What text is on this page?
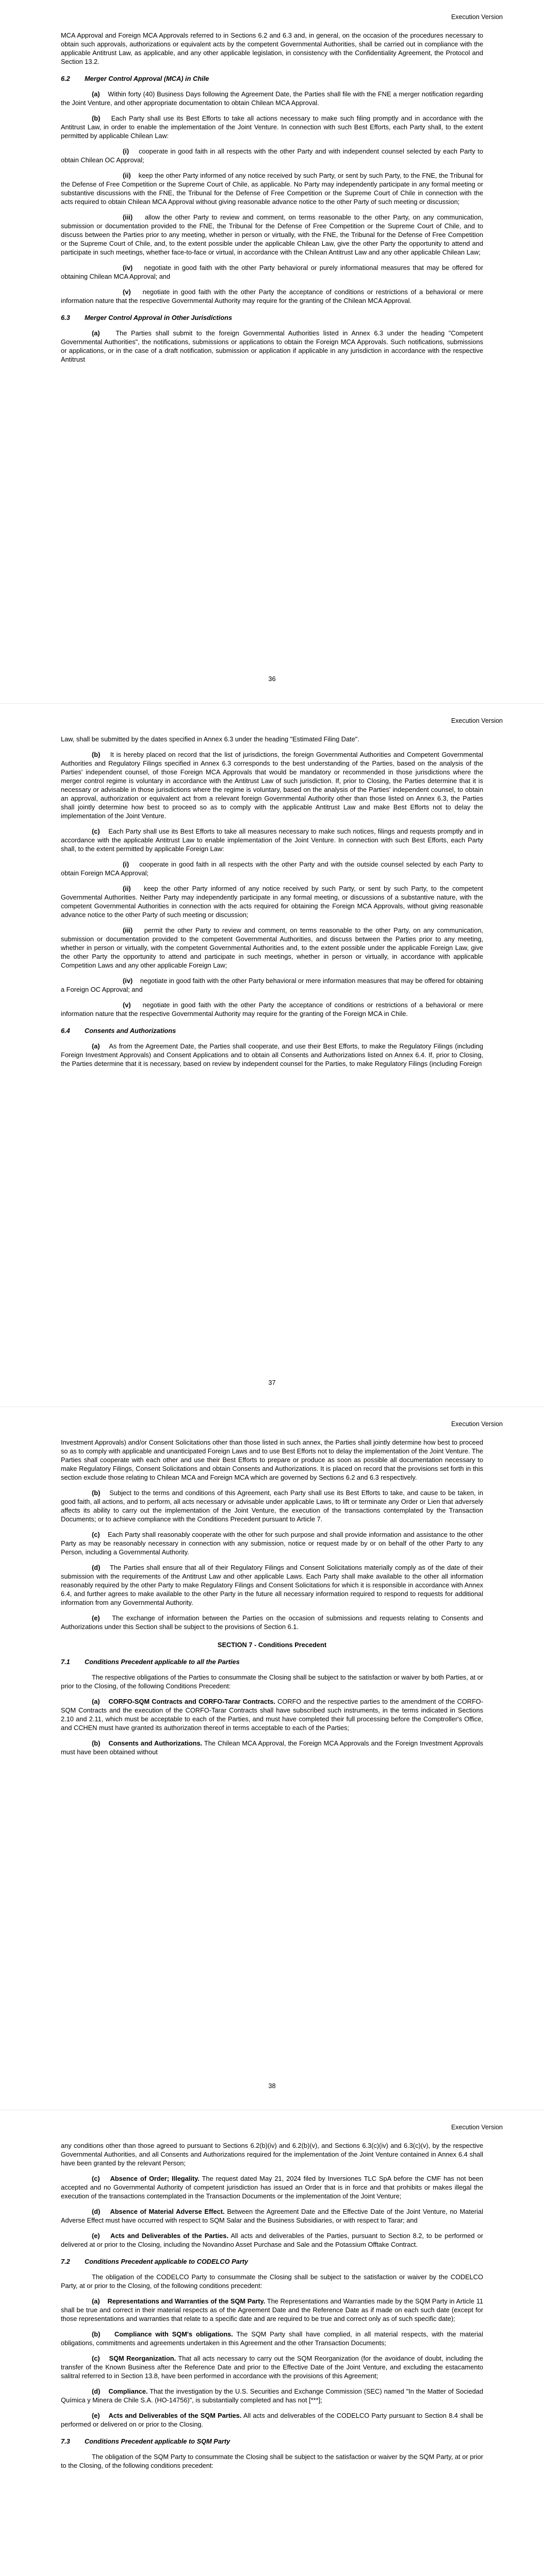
Execution Version

MCA Approval and Foreign MCA Approvals referred to in Sections 6.2 and 6.3 and, in general, on the occasion of the procedures necessary to obtain such approvals, authorizations or equivalent acts by the competent Governmental Authorities, shall be carried out in compliance with the applicable Antitrust Law, as applicable, and any other applicable legislation, in consistency with the Confidentiality Agreement, the Protocol and Section 13.2.

6.2 Merger Control Approval (MCA) in Chile

(a) Within forty (40) Business Days following the Agreement Date, the Parties shall file with the FNE a merger notification regarding the Joint Venture, and other appropriate documentation to obtain Chilean MCA Approval.

(b) Each Party shall use its Best Efforts to take all actions necessary to make such filing promptly and in accordance with the Antitrust Law, in order to enable the implementation of the Joint Venture. In connection with such Best Efforts, each Party shall, to the extent permitted by applicable Chilean Law:

(i) cooperate in good faith in all respects with the other Party and with independent counsel selected by each Party to obtain Chilean OC Approval;

(ii) keep the other Party informed of any notice received by such Party, or sent by such Party, to the FNE, the Tribunal for the Defense of Free Competition or the Supreme Court of Chile, as applicable. No Party may independently participate in any formal meeting or substantive discussions with the FNE, the Tribunal for the Defense of Free Competition or the Supreme Court of Chile in connection with the acts required to obtain Chilean MCA Approval without giving reasonable advance notice to the other Party of such meeting or discussion;

(iii) allow the other Party to review and comment, on terms reasonable to the other Party, on any communication, submission or documentation provided to the FNE, the Tribunal for the Defense of Free Competition or the Supreme Court of Chile, and to discuss between the Parties prior to any meeting, whether in person or virtually, with the FNE, the Tribunal for the Defense of Free Competition or the Supreme Court of Chile, and, to the extent possible under the applicable Chilean Law, give the other Party the opportunity to attend and participate in such meetings, whether face-to-face or virtual, in accordance with the Chilean Antitrust Law and any other applicable Chilean Law;

(iv) negotiate in good faith with the other Party behavioral or purely informational measures that may be offered for obtaining Chilean MCA Approval; and

(v) negotiate in good faith with the other Party the acceptance of conditions or restrictions of a behavioral or mere information nature that the respective Governmental Authority may require for the granting of the Chilean MCA Approval.

6.3 Merger Control Approval in Other Jurisdictions

(a) The Parties shall submit to the foreign Governmental Authorities listed in Annex 6.3 under the heading "Competent Governmental Authorities", the notifications, submissions or applications to obtain the Foreign MCA Approvals. Such notifications, submissions or applications, or in the case of a draft notification, submission or application if applicable in any jurisdiction in accordance with the respective Antitrust

36
Execution Version

Law, shall be submitted by the dates specified in Annex 6.3 under the heading "Estimated Filing Date".

(b) It is hereby placed on record that the list of jurisdictions, the foreign Governmental Authorities and Competent Governmental Authorities and Regulatory Filings specified in Annex 6.3 corresponds to the best understanding of the Parties, based on the analysis of the Parties' independent counsel, of those Foreign MCA Approvals that would be mandatory or recommended in those jurisdictions where the merger control regime is voluntary in accordance with the Antitrust Law of such jurisdiction. If, prior to Closing, the Parties determine that it is necessary or advisable in those jurisdictions where the regime is voluntary, based on the analysis of the Parties' independent counsel, to obtain an approval, authorization or equivalent act from a relevant foreign Governmental Authority other than those listed on Annex 6.3, the Parties shall jointly determine how best to proceed so as to comply with the applicable Antitrust Law and make Best Efforts not to delay the implementation of the Joint Venture.

(c) Each Party shall use its Best Efforts to take all measures necessary to make such notices, filings and requests promptly and in accordance with the applicable Antitrust Law to enable implementation of the Joint Venture. In connection with such Best Efforts, each Party shall, to the extent permitted by applicable Foreign Law:

(i) cooperate in good faith in all respects with the other Party and with the outside counsel selected by each Party to obtain Foreign MCA Approval;

(ii) keep the other Party informed of any notice received by such Party, or sent by such Party, to the competent Governmental Authorities. Neither Party may independently participate in any formal meeting, or discussions of a substantive nature, with the competent Governmental Authorities in connection with the acts required for obtaining the Foreign MCA Approvals, without giving reasonable advance notice to the other Party of such meeting or discussion;

(iii) permit the other Party to review and comment, on terms reasonable to the other Party, on any communication, submission or documentation provided to the competent Governmental Authorities, and discuss between the Parties prior to any meeting, whether in person or virtually, with the competent Governmental Authorities and, to the extent possible under the applicable Foreign Law, give the other Party the opportunity to attend and participate in such meetings, whether in person or virtually, in accordance with applicable Competition Laws and any other applicable Foreign Law;

(iv) negotiate in good faith with the other Party behavioral or mere information measures that may be offered for obtaining a Foreign OC Approval; and

(v) negotiate in good faith with the other Party the acceptance of conditions or restrictions of a behavioral or mere information nature that the respective Governmental Authority may require for the granting of the Foreign MCA in Chile.

6.4 Consents and Authorizations

(a) As from the Agreement Date, the Parties shall cooperate, and use their Best Efforts, to make the Regulatory Filings (including Foreign Investment Approvals) and Consent Applications and to obtain all Consents and Authorizations listed on Annex 6.4. If, prior to Closing, the Parties determine that it is necessary, based on review by independent counsel for the Parties, to make Regulatory Filings (including Foreign

37
Execution Version

Investment Approvals) and/or Consent Solicitations other than those listed in such annex, the Parties shall jointly determine how best to proceed so as to comply with applicable and unanticipated Foreign Laws and to use Best Efforts not to delay the implementation of the Joint Venture. The Parties shall cooperate with each other and use their Best Efforts to prepare or produce as soon as possible all documentation necessary to make Regulatory Filings, Consent Solicitations and obtain Consents and Authorizations. It is placed on record that the provisions set forth in this section exclude those relating to Chilean MCA and Foreign MCA which are governed by Sections 6.2 and 6.3 respectively.

(b) Subject to the terms and conditions of this Agreement, each Party shall use its Best Efforts to take, and cause to be taken, in good faith, all actions, and to perform, all acts necessary or advisable under applicable Laws, to lift or terminate any Order or Lien that adversely affects its ability to carry out the implementation of the Joint Venture, the execution of the transactions contemplated by the Transaction Documents; or to achieve compliance with the Conditions Precedent pursuant to Article 7.

(c) Each Party shall reasonably cooperate with the other for such purpose and shall provide information and assistance to the other Party as may be reasonably necessary in connection with any submission, notice or request made by or on behalf of the other Party to any Person, including a Governmental Authority.

(d) The Parties shall ensure that all of their Regulatory Filings and Consent Solicitations materially comply as of the date of their submission with the requirements of the Antitrust Law and other applicable Laws. Each Party shall make available to the other all information reasonably required by the other Party to make Regulatory Filings and Consent Solicitations for which it is responsible in accordance with Annex 6.4, and further agrees to make available to the other Party in the future all necessary information required to respond to requests for additional information from any Governmental Authority.

(e) The exchange of information between the Parties on the occasion of submissions and requests relating to Consents and Authorizations under this Section shall be subject to the provisions of Section 6.1.

SECTION 7 - Conditions Precedent

7.1 Conditions Precedent applicable to all the Parties

The respective obligations of the Parties to consummate the Closing shall be subject to the satisfaction or waiver by both Parties, at or prior to the Closing, of the following Conditions Precedent:

(a) CORFO-SQM Contracts and CORFO-Tarar Contracts. CORFO and the respective parties to the amendment of the CORFO-SQM Contracts and the execution of the CORFO-Tarar Contracts shall have subscribed such instruments, in the terms indicated in Sections 2.10 and 2.11, which must be acceptable to each of the Parties, and must have completed their full processing before the Comptroller's Office, and CCHEN must have granted its authorization thereof in terms acceptable to each of the Parties;

(b) Consents and Authorizations. The Chilean MCA Approval, the Foreign MCA Approvals and the Foreign Investment Approvals must have been obtained without

38
Execution Version

any conditions other than those agreed to pursuant to Sections 6.2(b)(iv) and 6.2(b)(v), and Sections 6.3(c)(iv) and 6.3(c)(v), by the respective Governmental Authorities, and all Consents and Authorizations required for the implementation of the Joint Venture contained in Annex 6.4 shall have been granted by the relevant Person;

(c) Absence of Order; Illegality. The request dated May 21, 2024 filed by Inversiones TLC SpA before the CMF has not been accepted and no Governmental Authority of competent jurisdiction has issued an Order that is in force and that prohibits or makes illegal the execution of the transactions contemplated in the Transaction Documents or the implementation of the Joint Venture;

(d) Absence of Material Adverse Effect. Between the Agreement Date and the Effective Date of the Joint Venture, no Material Adverse Effect must have occurred with respect to SQM Salar and the Business Subsidiaries, or with respect to Tarar; and

(e) Acts and Deliverables of the Parties. All acts and deliverables of the Parties, pursuant to Section 8.2, to be performed or delivered at or prior to the Closing, including the Novandino Asset Purchase and Sale and the Potassium Offtake Contract.

7.2 Conditions Precedent applicable to CODELCO Party

The obligation of the CODELCO Party to consummate the Closing shall be subject to the satisfaction or waiver by the CODELCO Party, at or prior to the Closing, of the following conditions precedent:

(a) Representations and Warranties of the SQM Party. The Representations and Warranties made by the SQM Party in Article 11 shall be true and correct in their material respects as of the Agreement Date and the Reference Date as if made on each such date (except for those representations and warranties that relate to a specific date and are required to be true and correct only as of such specific date);

(b) Compliance with SQM's obligations. The SQM Party shall have complied, in all material respects, with the material obligations, commitments and agreements undertaken in this Agreement and the other Transaction Documents;

(c) SQM Reorganization. That all acts necessary to carry out the SQM Reorganization (for the avoidance of doubt, including the transfer of the Known Business after the Reference Date and prior to the Effective Date of the Joint Venture, and excluding the estacamento salitral referred to in Section 13.8, have been performed in accordance with the provisions of this Agreement;

(d) Compliance. That the investigation by the U.S. Securities and Exchange Commission (SEC) named "In the Matter of Sociedad Química y Minera de Chile S.A. (HO-14756)", is substantially completed and has not [***];

(e) Acts and Deliverables of the SQM Parties. All acts and deliverables of the CODELCO Party pursuant to Section 8.4 shall be performed or delivered on or prior to the Closing.

7.3 Conditions Precedent applicable to SQM Party

The obligation of the SQM Party to consummate the Closing shall be subject to the satisfaction or waiver by the SQM Party, at or prior to the Closing, of the following conditions precedent:
